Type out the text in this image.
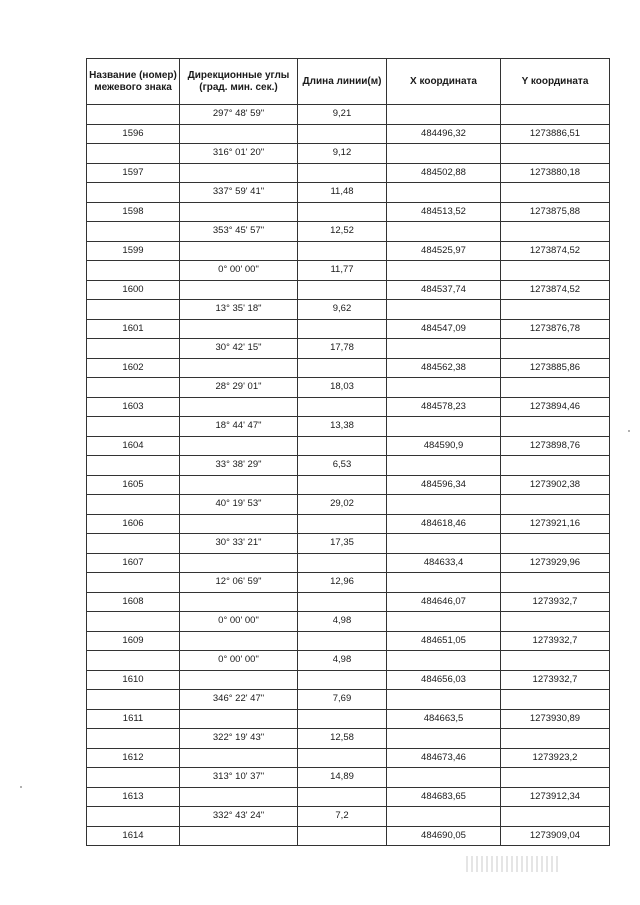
Название (номер) межевого знака	Дирекционные углы (град. мин. сек.)	Длина линии(м)	X координата	Y координата
	297° 48' 59"	9,21		
1596			484496,32	1273886,51
	316° 01' 20"	9,12		
1597			484502,88	1273880,18
	337° 59' 41"	11,48		
1598			484513,52	1273875,88
	353° 45' 57"	12,52		
1599			484525,97	1273874,52
	0° 00' 00"	11,77		
1600			484537,74	1273874,52
	13° 35' 18"	9,62		
1601			484547,09	1273876,78
	30° 42' 15"	17,78		
1602			484562,38	1273885,86
	28° 29' 01"	18,03		
1603			484578,23	1273894,46
	18° 44' 47"	13,38		
1604			484590,9	1273898,76
	33° 38' 29"	6,53		
1605			484596,34	1273902,38
	40° 19' 53"	29,02		
1606			484618,46	1273921,16
	30° 33' 21"	17,35		
1607			484633,4	1273929,96
	12° 06' 59"	12,96		
1608			484646,07	1273932,7
	0° 00' 00"	4,98		
1609			484651,05	1273932,7
	0° 00' 00"	4,98		
1610			484656,03	1273932,7
	346° 22' 47"	7,69		
1611			484663,5	1273930,89
	322° 19' 43"	12,58		
1612			484673,46	1273923,2
	313° 10' 37"	14,89		
1613			484683,65	1273912,34
	332° 43' 24"	7,2		
1614			484690,05	1273909,04
